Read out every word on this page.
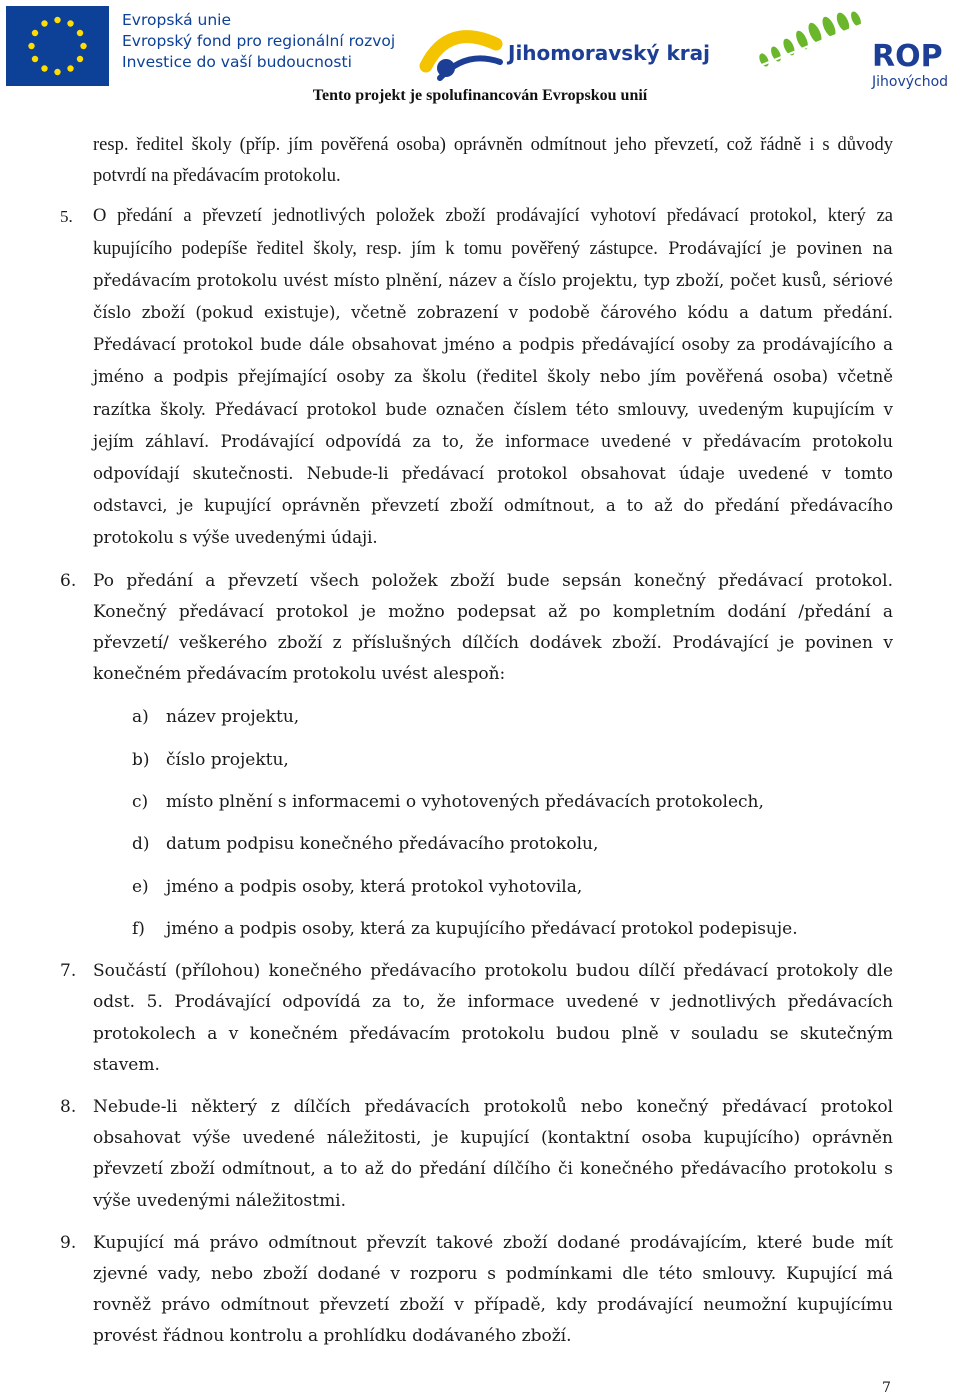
Evropská unie
Evropský fond pro regionální rozvoj
Investice do vaší budoucnosti	Jihomoravský kraj	ROP
Jihovýchod
Tento projekt je spolufinancován Evropskou unií

resp. ředitel školy (příp. jím pověřená osoba) oprávněn odmítnout jeho převzetí, což řádně i s důvody potvrdí na předávacím protokolu.

5. O předání a převzetí jednotlivých položek zboží prodávající vyhotoví předávací protokol, který za kupujícího podepíše ředitel školy, resp. jím k tomu pověřený zástupce. Prodávající je povinen na předávacím protokolu uvést místo plnění, název a číslo projektu, typ zboží, počet kusů, sériové číslo zboží (pokud existuje), včetně zobrazení v podobě čárového kódu a datum předání. Předávací protokol bude dále obsahovat jméno a podpis předávající osoby za prodávajícího a jméno a podpis přejímající osoby za školu (ředitel školy nebo jím pověřená osoba) včetně razítka školy. Předávací protokol bude označen číslem této smlouvy, uvedeným kupujícím v jejím záhlaví. Prodávající odpovídá za to, že informace uvedené v předávacím protokolu odpovídají skutečnosti. Nebude-li předávací protokol obsahovat údaje uvedené v tomto odstavci, je kupující oprávněn převzetí zboží odmítnout, a to až do předání předávacího protokolu s výše uvedenými údaji.
6. Po předání a převzetí všech položek zboží bude sepsán konečný předávací protokol. Konečný předávací protokol je možno podepsat až po kompletním dodání /předání a převzetí/ veškerého zboží z příslušných dílčích dodávek zboží. Prodávající je povinen v konečném předávacím protokolu uvést alespoň:
a) název projektu,
b) číslo projektu,
c) místo plnění s informacemi o vyhotovených předávacích protokolech,
d) datum podpisu konečného předávacího protokolu,
e) jméno a podpis osoby, která protokol vyhotovila,
f) jméno a podpis osoby, která za kupujícího předávací protokol podepisuje.
7. Součástí (přílohou) konečného předávacího protokolu budou dílčí předávací protokoly dle odst. 5. Prodávající odpovídá za to, že informace uvedené v jednotlivých předávacích protokolech a v konečném předávacím protokolu budou plně v souladu se skutečným stavem.
8. Nebude-li některý z dílčích předávacích protokolů nebo konečný předávací protokol obsahovat výše uvedené náležitosti, je kupující (kontaktní osoba kupujícího) oprávněn převzetí zboží odmítnout, a to až do předání dílčího či konečného předávacího protokolu s výše uvedenými náležitostmi.
9. Kupující má právo odmítnout převzít takové zboží dodané prodávajícím, které bude mít zjevné vady, nebo zboží dodané v rozporu s podmínkami dle této smlouvy. Kupující má rovněž právo odmítnout převzetí zboží v případě, kdy prodávající neumožní kupujícímu provést řádnou kontrolu a prohlídku dodávaného zboží.
7
